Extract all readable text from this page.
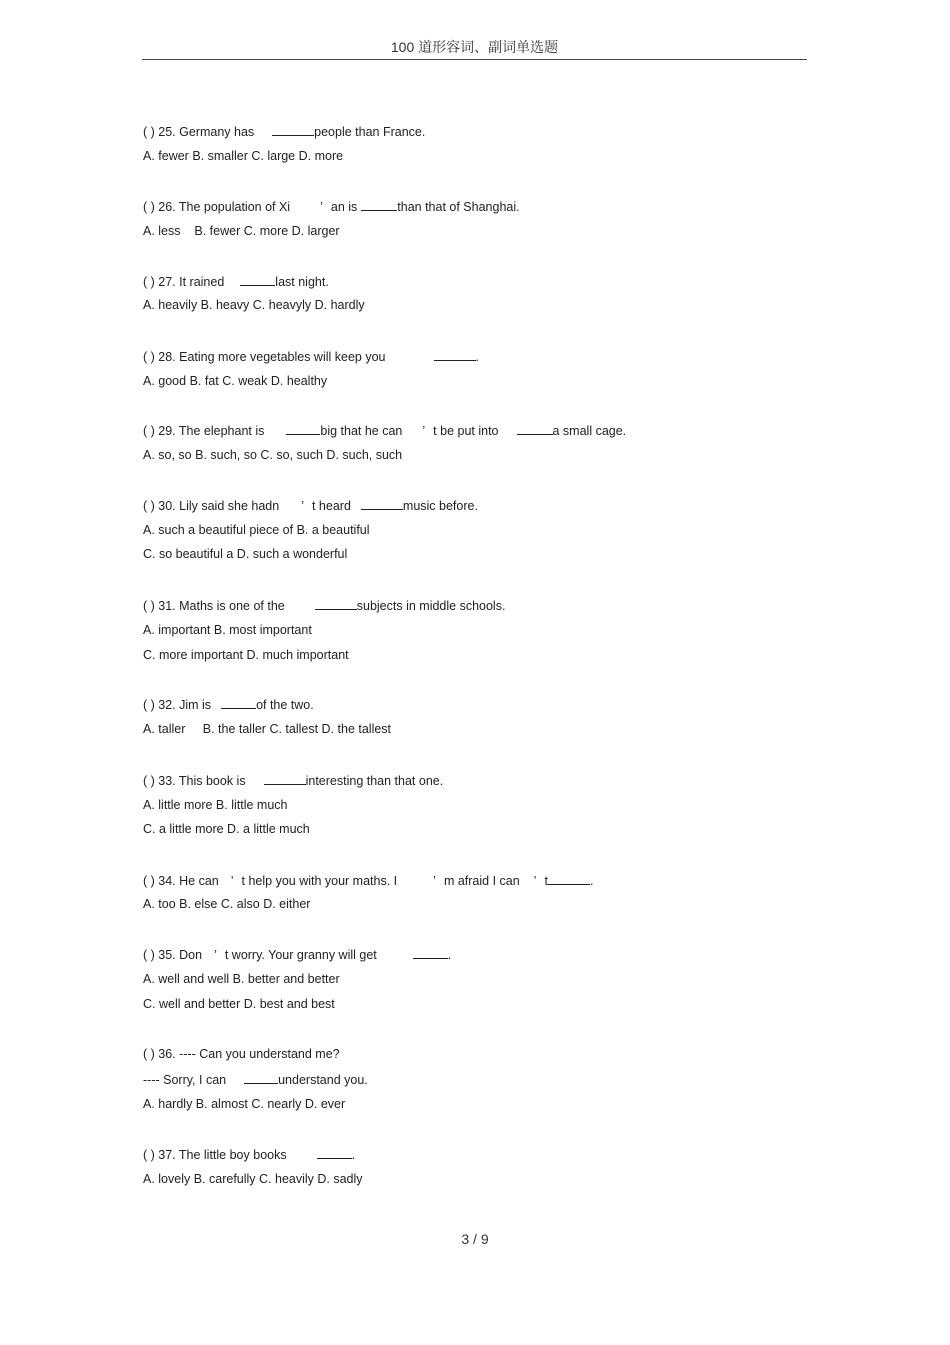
100 道形容词、副词单选题
( ) 25. Germany has	people than France.
A. fewer B. smaller C. large D. more
( ) 26. The population of Xi ’ an is	than that of Shanghai.
A. less    B. fewer C. more D. larger
( ) 27. It rained	last night.
A. heavily B. heavy C. heavyly D. hardly
( ) 28. Eating more vegetables will keep you	.
A. good B. fat C. weak D. healthy
( ) 29. The elephant is	big that he can ’ t be put into	a small cage.
A. so, so B. such, so C. so, such D. such, such
( ) 30. Lily said she hadn ’ t heard	music before.
A. such a beautiful piece of B. a beautiful
C. so beautiful a D. such a wonderful
( ) 31. Maths is one of the	subjects in middle schools.
A. important B. most important
C. more important D. much important
( ) 32. Jim is	of the two.
A. taller     B. the taller C. tallest D. the tallest
( ) 33. This book is	interesting than that one.
A. little more B. little much
C. a little more D. a little much
( ) 34. He can ’ t help you with your maths. I	’ m afraid I can ’ t	.
A. too B. else C. also D. either
( ) 35. Don ’ t worry. Your granny will get	.
A. well and well B. better and better
C. well and better D. best and best
( ) 36. ---- Can you understand me?
---- Sorry, I can	understand you.
A. hardly B. almost C. nearly D. ever
( ) 37. The little boy books	.
A. lovely B. carefully C. heavily D. sadly
3 / 9
